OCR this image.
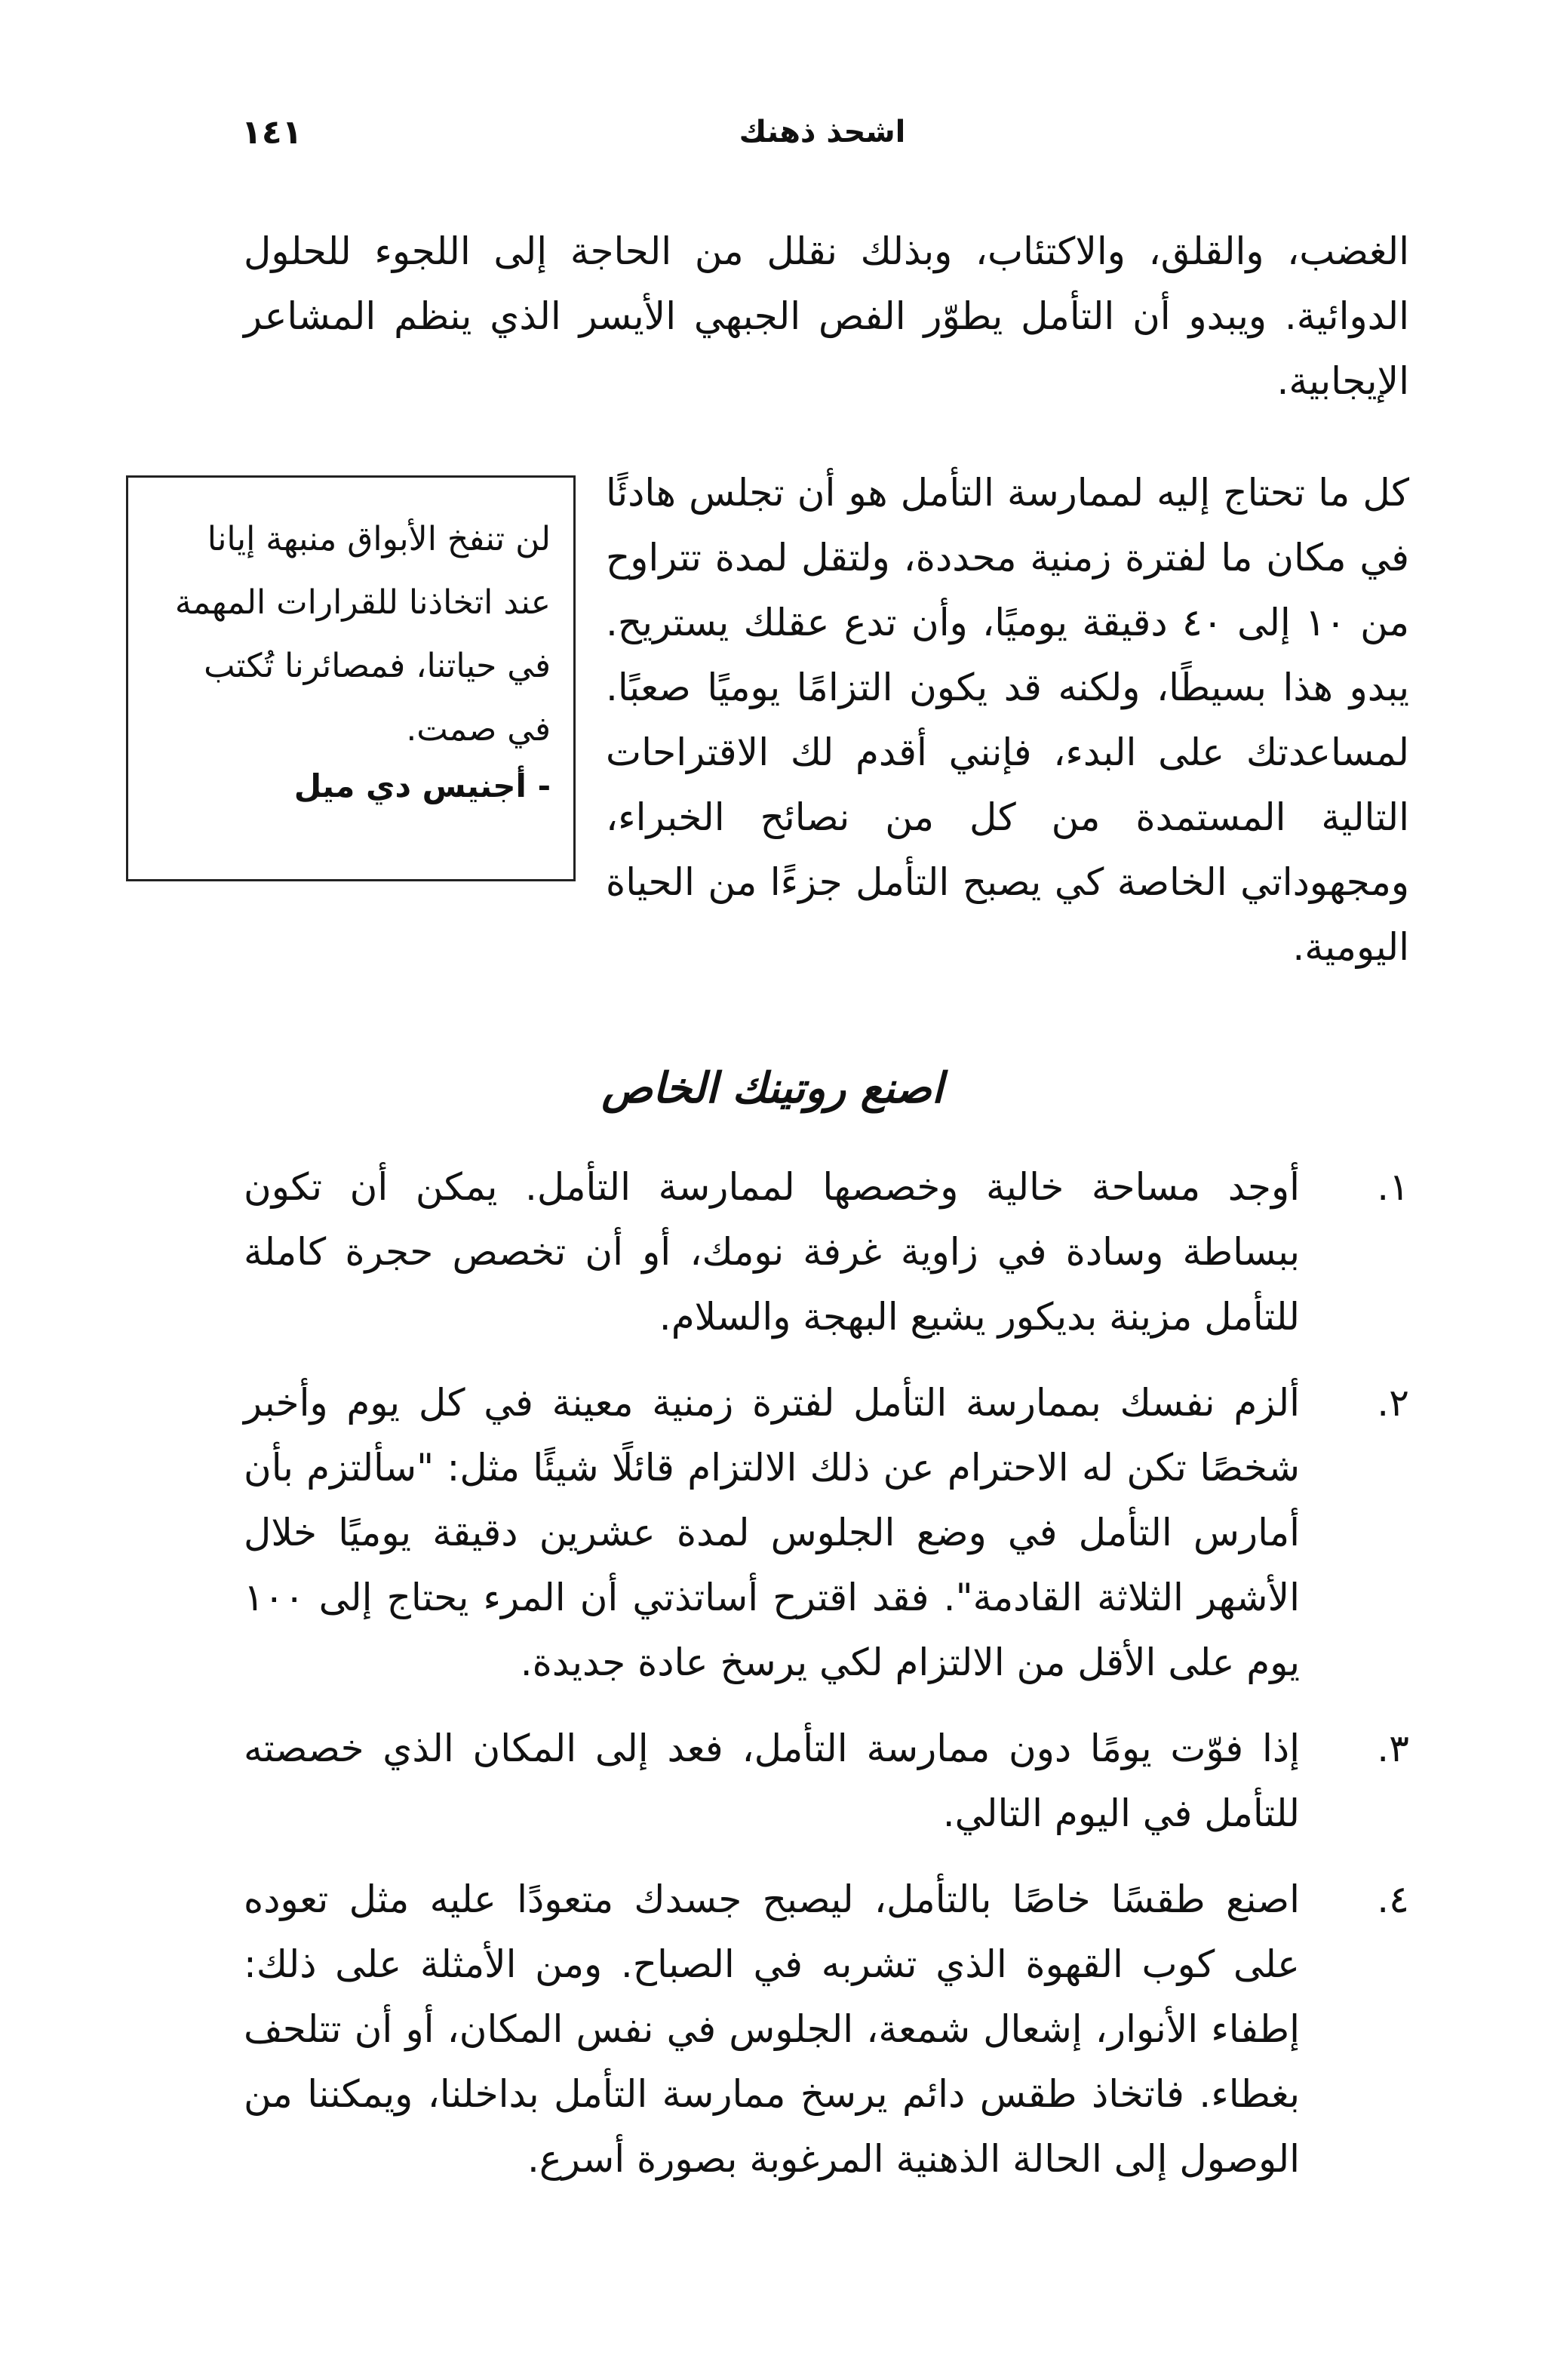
١٤١	اشحذ ذهنك

الغضب، والقلق، والاكتئاب، وبذلك نقلل من الحاجة إلى اللجوء للحلول الدوائية. ويبدو أن التأمل يطوّر الفص الجبهي الأيسر الذي ينظم المشاعر الإيجابية.

كل ما تحتاج إليه لممارسة التأمل هو أن تجلس هادئًا في مكان ما لفترة زمنية محددة، ولتقل لمدة تتراوح من ١٠ إلى ٤٠ دقيقة يوميًا، وأن تدع عقلك يستريح. يبدو هذا بسيطًا، ولكنه قد يكون التزامًا يوميًا صعبًا. لمساعدتك على البدء، فإنني أقدم لك الاقتراحات التالية المستمدة من كل من نصائح الخبراء، ومجهوداتي الخاصة كي يصبح التأمل جزءًا من الحياة اليومية.

لن تنفخ الأبواق منبهة إيانا عند اتخاذنا للقرارات المهمة في حياتنا، فمصائرنا تُكتب في صمت.

- أجنيس دي ميل
اصنع روتينك الخاص
١.
أوجد مساحة خالية وخصصها لممارسة التأمل. يمكن أن تكون ببساطة وسادة في زاوية غرفة نومك، أو أن تخصص حجرة كاملة للتأمل مزينة بديكور يشيع البهجة والسلام.
٢.
ألزم نفسك بممارسة التأمل لفترة زمنية معينة في كل يوم وأخبر شخصًا تكن له الاحترام عن ذلك الالتزام قائلًا شيئًا مثل: "سألتزم بأن أمارس التأمل في وضع الجلوس لمدة عشرين دقيقة يوميًا خلال الأشهر الثلاثة القادمة". فقد اقترح أساتذتي أن المرء يحتاج إلى ١٠٠ يوم على الأقل من الالتزام لكي يرسخ عادة جديدة.
٣.
إذا فوّت يومًا دون ممارسة التأمل، فعد إلى المكان الذي خصصته للتأمل في اليوم التالي.
٤.
اصنع طقسًا خاصًا بالتأمل، ليصبح جسدك متعودًا عليه مثل تعوده على كوب القهوة الذي تشربه في الصباح. ومن الأمثلة على ذلك: إطفاء الأنوار، إشعال شمعة، الجلوس في نفس المكان، أو أن تتلحف بغطاء. فاتخاذ طقس دائم يرسخ ممارسة التأمل بداخلنا، ويمكننا من الوصول إلى الحالة الذهنية المرغوبة بصورة أسرع.
